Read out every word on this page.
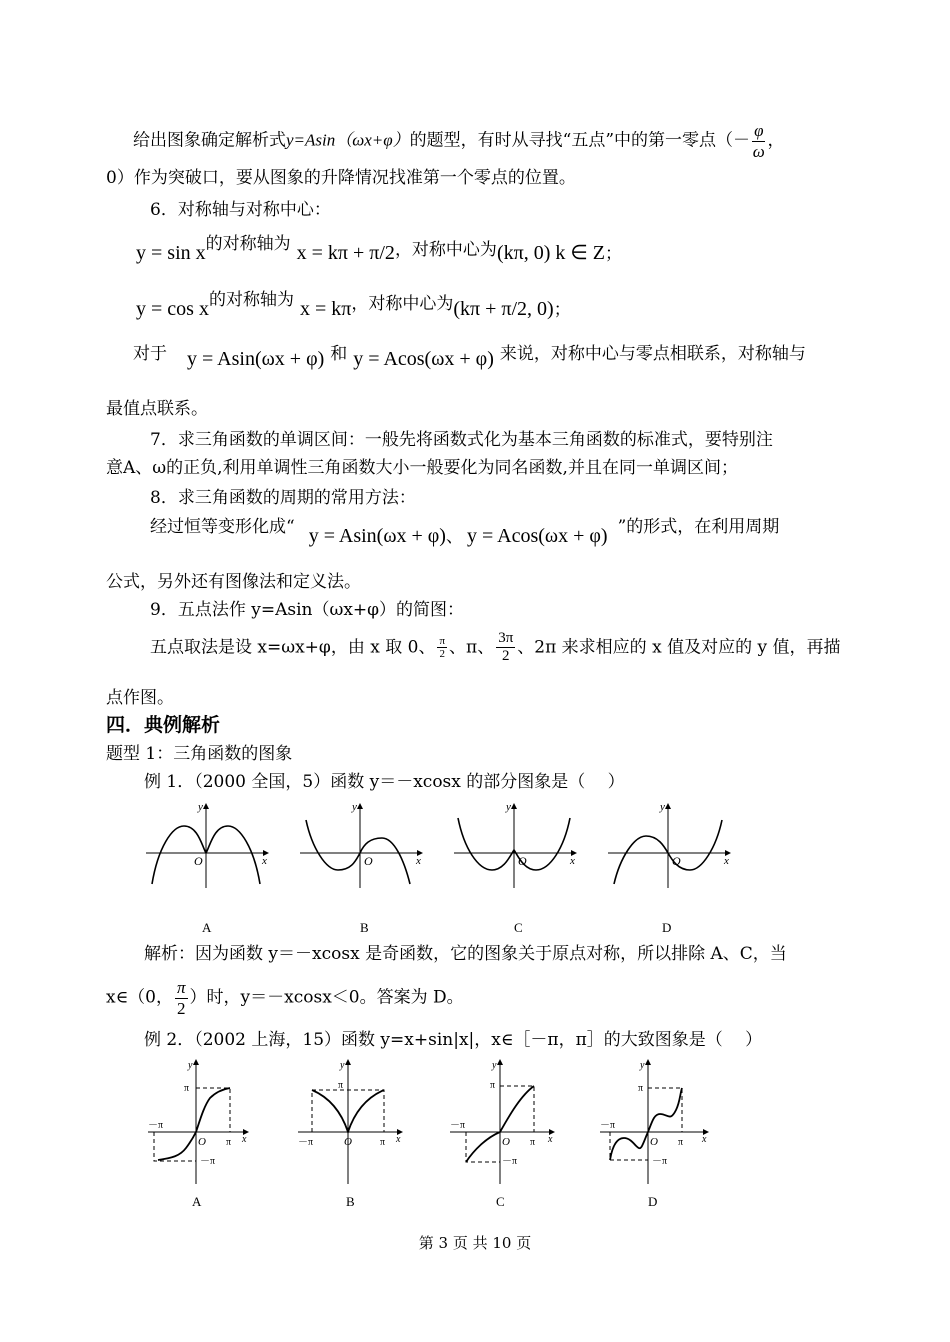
给出图象确定解析式y=Asin（ωx+φ）的题型，有时从寻找“五点”中的第一零点（－ $\frac{\varphi}{\omega}$ ，
0）作为突破口，要从图象的升降情况找准第一个零点的位置。
6．对称轴与对称中心：
y = sin x的对称轴为 x = kπ + π/2，对称中心为(kπ, 0) k ∈ Z；
y = cos x的对称轴为 x = kπ，对称中心为(kπ + π/2, 0)；
对于 y = Asin(ωx + φ) 和 y = Acos(ωx + φ) 来说，对称中心与零点相联系，对称轴与
最值点联系。
7．求三角函数的单调区间：一般先将函数式化为基本三角函数的标准式，要特别注
意A、ω的正负,利用单调性三角函数大小一般要化为同名函数,并且在同一单调区间；
8．求三角函数的周期的常用方法：
经过恒等变形化成“ y = Asin(ωx + φ)、 y = Acos(ωx + φ) ”的形式，在利用周期
公式，另外还有图像法和定义法。
9．五点法作 y=Asin（ωx+φ）的简图：
五点取法是设 x=ωx+φ，由 x 取 0、 $\frac{\pi}{2}$ 、π、 $\frac{3\pi}{2}$ 、2π 来求相应的 x 值及对应的 y 值，再描
点作图。
四．典例解析
题型 1：三角函数的图象
例 1．（2000 全国，5）函数 y＝－xcosx 的部分图象是（　 ）
y
x
O
y
x
O
y
x
O
y
x
O
A	B	C	D
解析：因为函数 y＝－xcosx 是奇函数，它的图象关于原点对称，所以排除 A、C，当
x∈（0， $\frac{\pi}{2}$ ）时，y＝－xcosx＜0。答案为 D。
例 2．（2002 上海，15）函数 y=x+sin|x|，x∈［－π，π］的大致图象是（　 ）
y
x
O
π
π
－π
－π
y
x
O
π
π
－π
y
x
O
π
π
－π
－π
y
x
O
π
π
－π
－π
A	B	C	D
第 3 页 共 10 页
